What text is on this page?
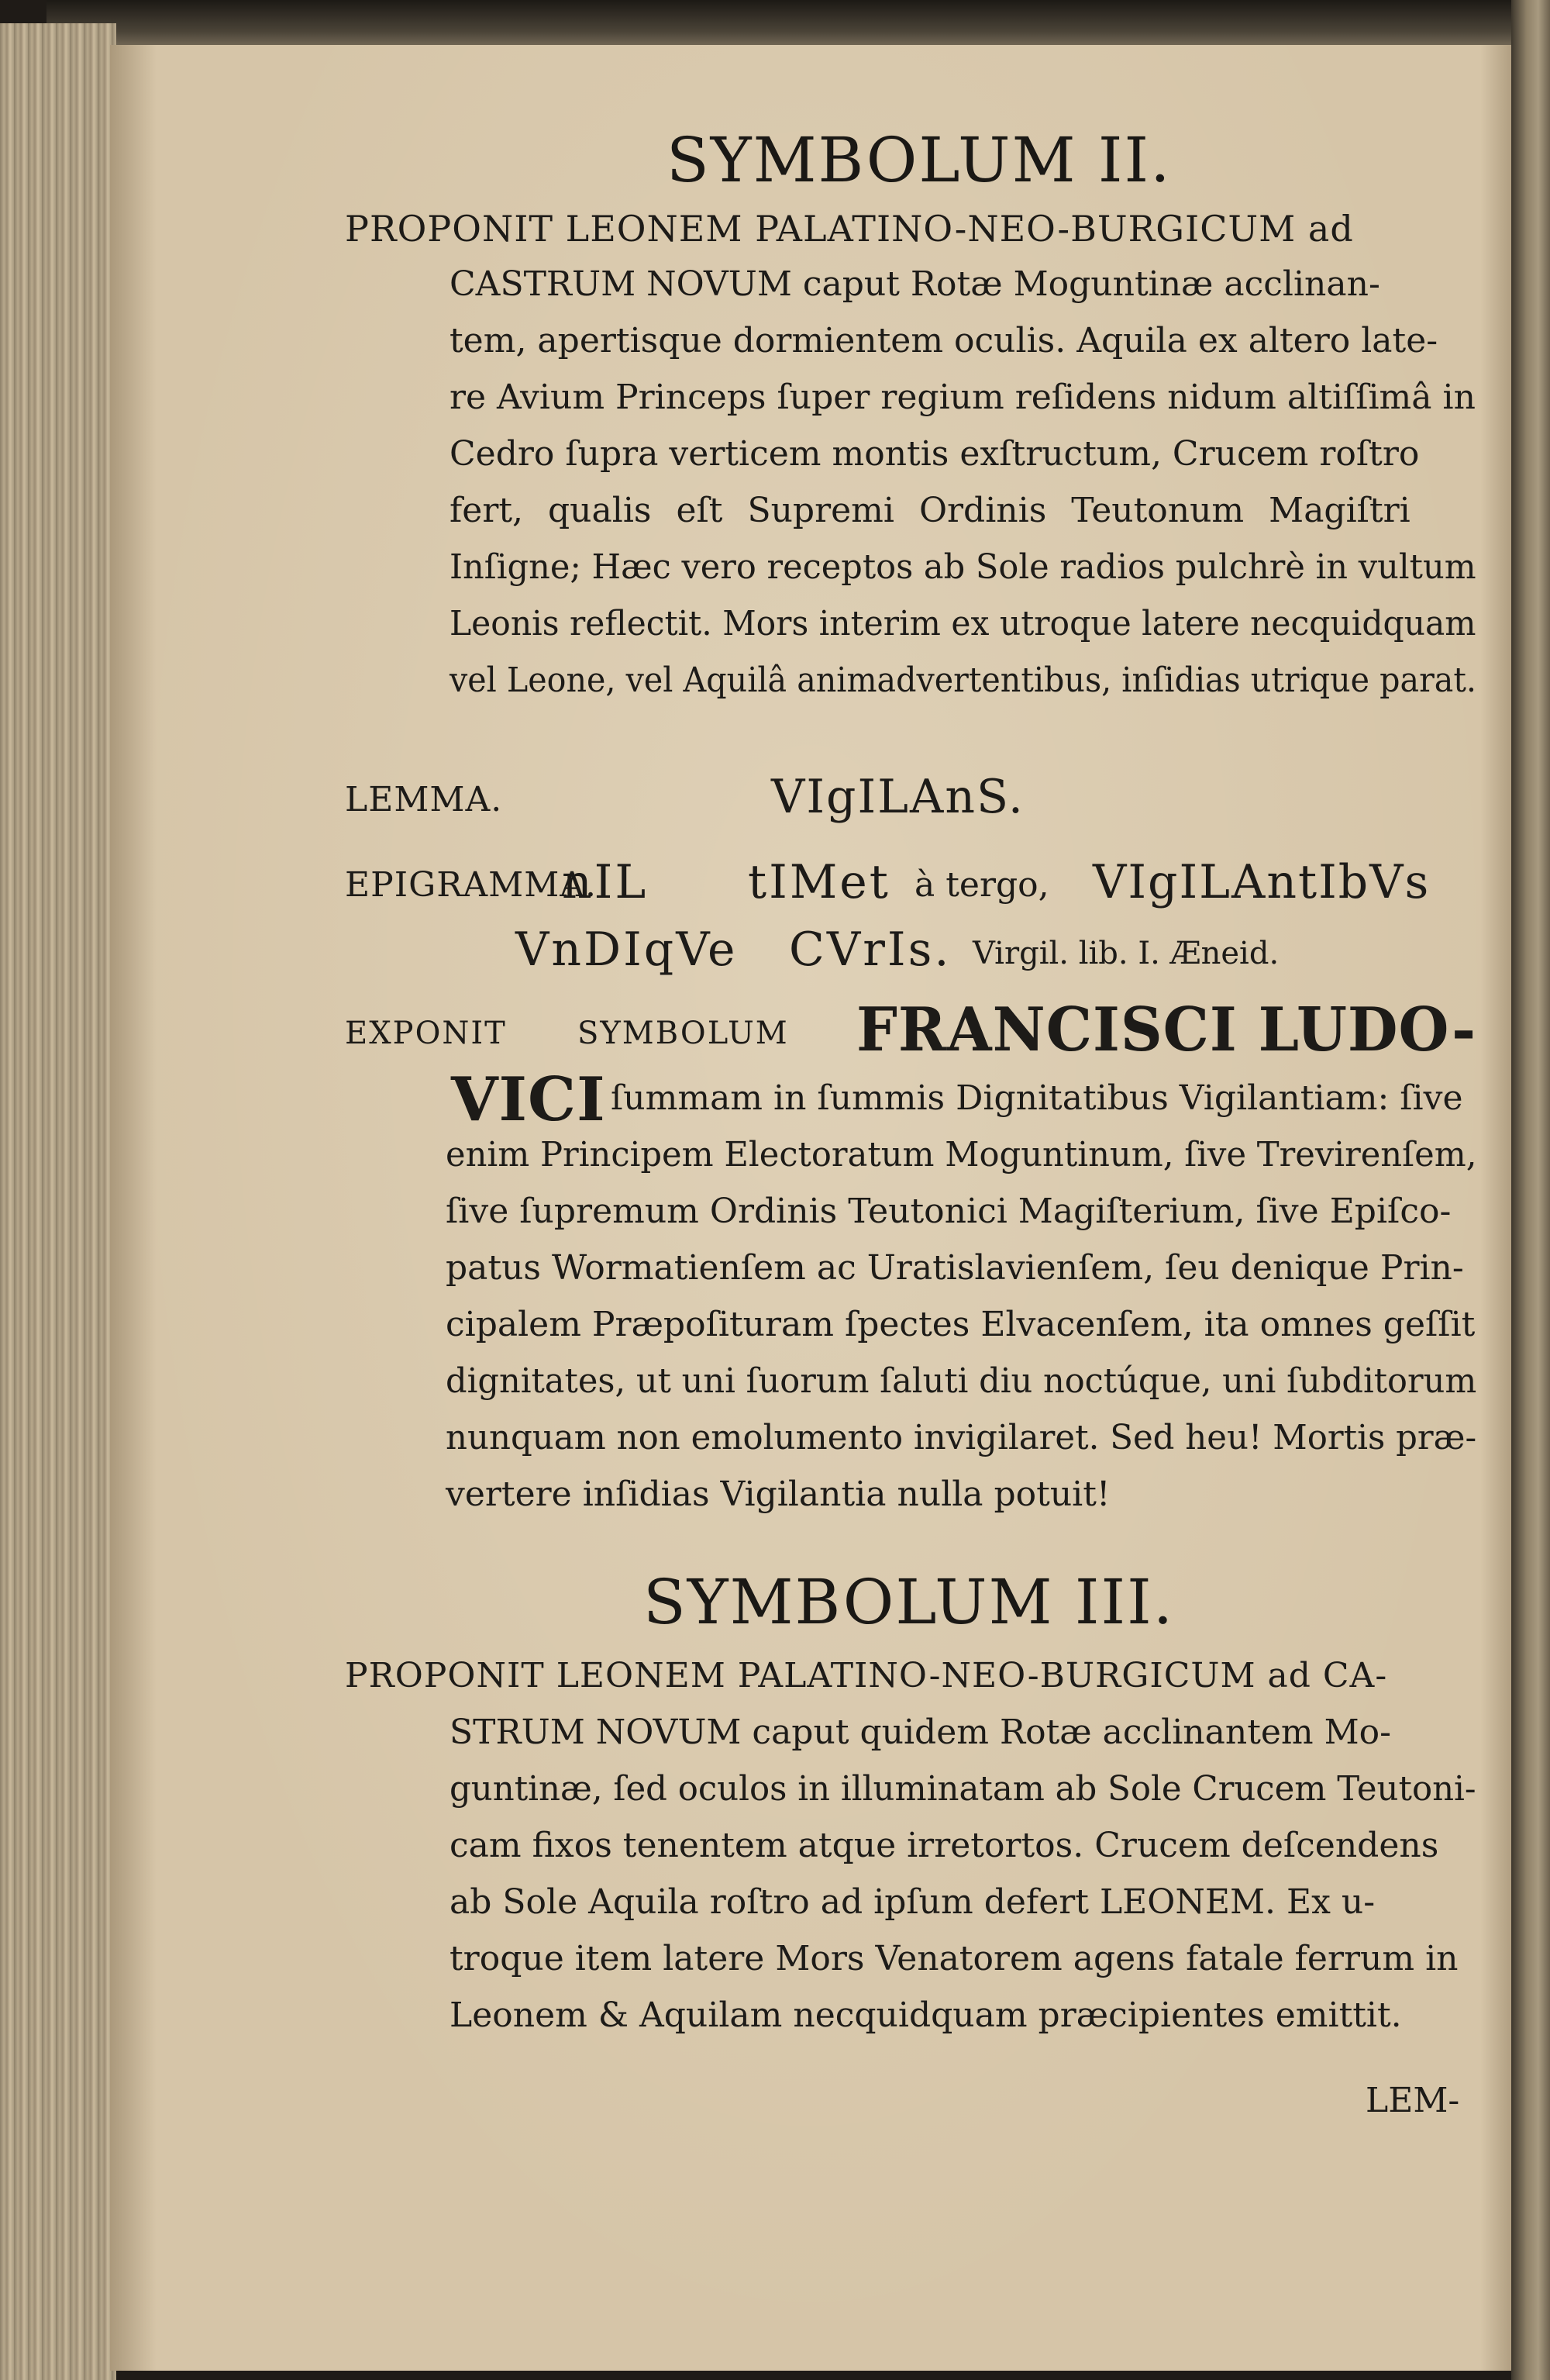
SYMBOLUM II.
PROPONIT LEONEM PALATINO-NEO-BURGICUM ad
CASTRUM NOVUM caput Rotæ Moguntinæ acclinan-
tem, apertisque dormientem oculis. Aquila ex altero late-
re Avium Princeps ſuper regium reſidens nidum altiſſimâ in
Cedro ſupra verticem montis exſtructum, Crucem roſtro
fert, qualis eſt Supremi Ordinis Teutonum Magiſtri
Inſigne; Hæc vero receptos ab Sole radios pulchrè in vultum
Leonis reflectit. Mors interim ex utroque latere necquidquam
vel Leone, vel Aquilâ animadvertentibus, inſidias utrique parat.
LEMMA.	VIgILAnS.
EPIGRAMMA.
nIL tIMet à tergo, VIgILAntIbVs
VnDIqVe CVrIs. Virgil. lib. I. Æneid.
EXPONIT SYMBOLUM FRANCISCI LUDO-
VICI ſummam in ſummis Dignitatibus Vigilantiam: ſive
enim Principem Electoratum Moguntinum, ſive Trevirenſem,
ſive ſupremum Ordinis Teutonici Magiſterium, ſive Epiſco-
patus Wormatienſem ac Uratislavienſem, ſeu denique Prin-
cipalem Præpoſituram ſpectes Elvacenſem, ita omnes geſſit
dignitates, ut uni ſuorum ſaluti diu noctúque, uni ſubditorum
nunquam non emolumento invigilaret. Sed heu! Mortis præ-
vertere inſidias Vigilantia nulla potuit!
SYMBOLUM III.
PROPONIT LEONEM PALATINO-NEO-BURGICUM ad CA-
STRUM NOVUM caput quidem Rotæ acclinantem Mo-
guntinæ, ſed oculos in illuminatam ab Sole Crucem Teutoni-
cam fixos tenentem atque irretortos. Crucem deſcendens
ab Sole Aquila roſtro ad ipſum defert LEONEM. Ex u-
troque item latere Mors Venatorem agens fatale ferrum in
Leonem & Aquilam necquidquam præcipientes emittit.
LEM-
